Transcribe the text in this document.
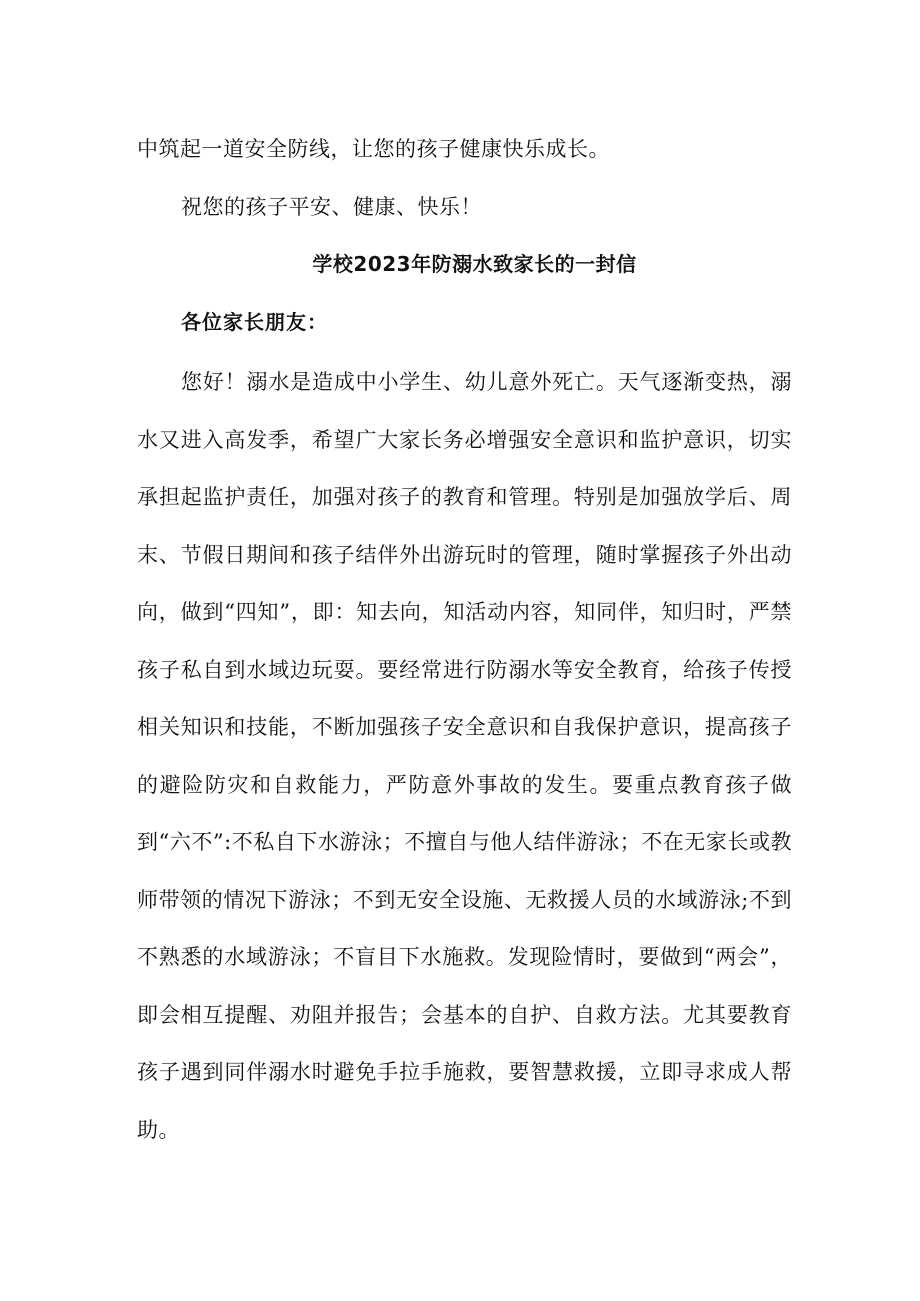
中筑起一道安全防线，让您的孩子健康快乐成长。

祝您的孩子平安、健康、快乐！

学校2023年防溺水致家长的一封信

各位家长朋友：

您好！溺水是造成中小学生、幼儿意外死亡。天气逐渐变热，溺水又进入高发季，希望广大家长务必增强安全意识和监护意识，切实承担起监护责任，加强对孩子的教育和管理。特别是加强放学后、周末、节假日期间和孩子结伴外出游玩时的管理，随时掌握孩子外出动向，做到“四知”，即：知去向，知活动内容，知同伴，知归时，严禁孩子私自到水域边玩耍。要经常进行防溺水等安全教育，给孩子传授相关知识和技能，不断加强孩子安全意识和自我保护意识，提高孩子的避险防灾和自救能力，严防意外事故的发生。要重点教育孩子做到“六不”:不私自下水游泳；不擅自与他人结伴游泳；不在无家长或教师带领的情况下游泳；不到无安全设施、无救援人员的水域游泳;不到不熟悉的水域游泳；不盲目下水施救。发现险情时，要做到“两会”，即会相互提醒、劝阻并报告；会基本的自护、自救方法。尤其要教育孩子遇到同伴溺水时避免手拉手施救，要智慧救援，立即寻求成人帮助。
